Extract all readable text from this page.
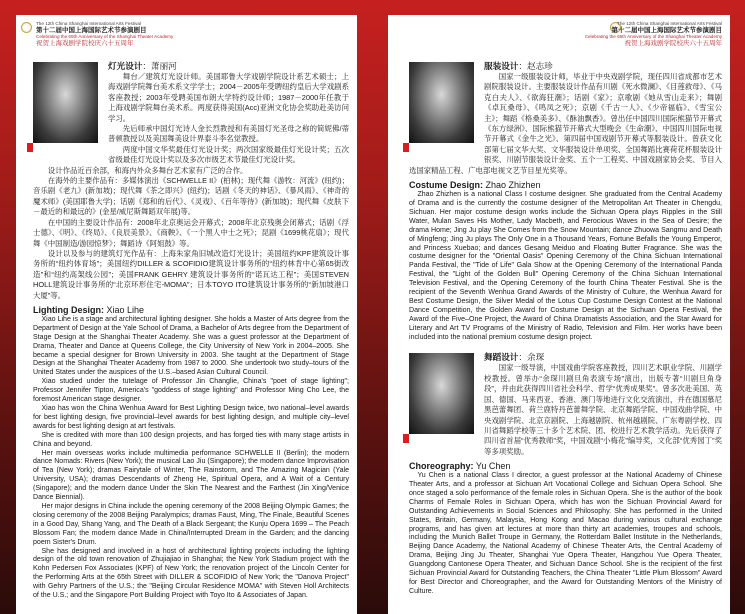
The 12th China Shanghai International Arts Festival
第十二届中国上海国际艺术节参演剧目
Celebrating the 65th Anniversary of the Shanghai Theater Academy
祝贺上海戏剧学院校庆六十五周年
灯光设计：萧丽河

舞台／建筑灯光设计师。美国耶鲁大学戏剧学院设计系艺术硕士；上海戏剧学院舞台美术系文学学士；2004－2005年受聘纽约皇后大学戏剧系客座教授；2003年受聘美国布朗大学特约设计师；1987－2000年任教于上海戏剧学院舞台美术系。两度获得美国(Acc)亚洲文化协会奖助赴美访问学习。

先后师承中国灯光诗人金长烈教授和有美国灯光圣母之称的简妮佛/蒂普顿教授以及美国舞美设计界泰斗李名觉教授。

两度中国文华奖最佳灯光设计奖；两次国家级最佳灯光设计奖；五次省级最佳灯光设计奖以及多次市级艺术节最佳灯光设计奖。

设计作品近百余部，和海内外众多舞台艺术家有广泛的合作。

在海外的主要作品有：多媒体演出《SCHWELLE II》(柏林)；现代舞《游牧：河流》(纽约)；音乐剧《老九》(新加坡)；现代舞《茶之即兴》(纽约)；话剧《冬天的神话》、《暴风雨》、《神奇的魔术师》(美国耶鲁大学)；话剧《郑和的后代》、《灵戏》、《百年等待》(新加坡)；现代舞《皮肤下－最近的和最远的》(金星/威尼斯舞蹈双年展)等。

在中国的主要设计作品有：2008年北京奥运会开幕式；2008年北京残奥会闭幕式；话剧《浮士德》、《明》、《终局》、《良辰美景》、《商鞅》、《一个黑人中士之死》；昆剧《1699桃花扇》；现代舞《中国制造/游园惊梦》；舞蹈诗《阿姐鼓》等。

设计以及参与的建筑灯光作品有：上海朱家角旧城改造灯光设计；美国纽约KPF建筑设计事务所的“纽约体育场”；美国纽约DILLER & SCOFIDIO建筑设计事务所的“纽约林肯中心第65街改造”和“纽约高架线公园”；美国FRANK GEHRY 建筑设计事务所的“诺瓦达工程”；美国STEVEN HOLL建筑设计事务所的“北京环形住宅-MOMA”；日本TOYO ITO建筑设计事务所的“新加坡港口大厦”等。

Lighting Design: Xiao Lihe

Xiao Lihe is a stage and architectural lighting designer. She holds a Master of Arts degree from the Department of Design at the Yale School of Drama, a Bachelor of Arts degree from the Department of Stage Design at the Shanghai Theater Academy. She was a guest professor at the Department of Drama, Theater and Dance at Queens College, the City University of New York in 2004–2005. She became a special designer for Brown University in 2003. She taught at the Department of Stage Design at the Shanghai Theater Academy from 1987 to 2000. She undertook two study–tours of the United States under the auspices of the U.S.–based Asian Cultural Council.

Xiao studied under the tutelage of Professor Jin Changlie, China's "poet of stage lighting"; Professor Jennifer Tipton, America's "goddess of stage lighting" and Professor Ming Cho Lee, the foremost American stage designer.

Xiao has won the China Wenhua Award for Best Lighting Design twice, two national–level awards for best lighting design, five provincial–level awards for best lighting design, and multiple city–level awards for best lighting design at art festivals.

She is credited with more than 100 design projects, and has forged ties with many stage artists in China and beyond.

Her main overseas works include multimedia performance SCHWELLE II (Berlin); the modern dance Nomads: Rivers (New York); the musical Lao Jiu (Singapore); the modern dance Improvisation of Tea (New York); dramas Fairytale of Winter, The Rainstorm, and The Amazing Magician (Yale University, USA); dramas Descendants of Zheng He, Spiritual Opera, and A Wait of a Century (Singapore); and the modern dance Under the Skin The Nearest and the Farthest (Jin Xing/Venice Dance Biennial).

Her major designs in China include the opening ceremony of the 2008 Beijing Olympic Games; the closing ceremony of the 2008 Beijing Paralympics; dramas Faust, Ming, The Finale, Beautiful Scenes in a Good Day, Shang Yang, and The Death of a Black Sergeant; the Kunju Opera 1699 – The Peach Blossom Fan; the modern dance Made in China/Interrupted Dream in the Garden; and the dancing poem Sister's Drum.

She has designed and involved in a host of architectural lighting projects including the lighting design of the old town renovation of Zhujiajiao in Shanghai; the New York Stadium project with the Kohn Pedersen Fox Associates (KPF) of New York; the renovation project of the Lincoln Center for the Performing Arts at the 65th Street with DILLER & SCOFIDIO of New York; the "Danova Project" with Gehry Partners of the U.S.; the "Beijing Circular Residence MOMA" with Steven Holl Architects of the U.S.; and the Singapore Port Building Project with Toyo Ito & Associates of Japan.

The 12th China Shanghai International Arts Festival
第十二届中国上海国际艺术节参演剧目
Celebrating the 65th Anniversary of the Shanghai Theater Academy
祝贺上海戏剧学院校庆六十五周年
服装设计：赵志珍

国家一级服装设计师，毕业于中央戏剧学院，现任四川省成都市艺术剧院服装设计。主要服装设计作品有川剧《死水微澜》、《目莲救母》、《马克白夫人》、《欲海狂潮》；话剧《家》；京歌剧《她从雪山走来》；舞剧《卓瓦桑母》、《鸣凤之死》；京剧《千古一人》、《少帝福临》、《雪宝公主》；舞蹈《格桑美多》、《酥油飘香》。曾出任中国四川国际熊猫节开幕式《东方绿洲》、国际熊猫节开幕式大型晚会《生命潮》、中国四川国际电视节开幕式《金牛之光》、第四届中国戏剧节开幕式等服装设计。曾获文化部第七届文华大奖、文华服装设计单项奖、全国舞蹈比赛荷花杯服装设计银奖、川剧节服装设计金奖、五个一工程奖、中国戏剧家协会奖、节目入选国家精品工程、广电部电视文艺节目星光奖等。

Costume Design: Zhao Zhizhen

Zhao Zhizhen is a national Class I costume designer. She graduated from the Central Academy of Drama and is the currently the costume designer of the Metropolitan Art Theater in Chengdu, Sichuan. Her major costume design works include the Sichuan Opera plays Ripples in the Still Water, Mulan Saves His Mother, Lady Macbeth, and Ferocious Waves in the Sea of Desire; the drama Home; Jing Ju play She Comes from the Snow Mountain; dance Zhuowa Sangmu and Death of Mingfeng; Jing Ju plays The Only One in a Thousand Years, Fortune Befalls the Young Emperor, and Princess Xuebao; and dances Gesang Meiduo and Floating Butter Fragrance. She was the costume designer for the "Oriental Oasis" Opening Ceremony of the China Sichuan International Panda Festival, the "Tide of Life" Gala Show at the Opening Ceremony of the International Panda Festival, the "Light of the Golden Bull" Opening Ceremony of the China Sichuan International Television Festival, and the Opening Ceremony of the fourth China Theater Festival. She is the recipient of the Seventh Wenhua Grand Awards of the Ministry of Culture, the Wenhua Award for Best Costume Design, the Silver Medal of the Lotus Cup Costume Design Contest at the National Dance Competition, the Golden Award for Costume Design at the Sichuan Opera Festival, the Award of the Five–One Project, the Award of China Dramatists Association, and the Star Award for Literary and Art TV Programs of the Ministry of Radio, Television and Film. Her works have been included into the national premium costume design project.

舞蹈设计：余琛

国家一级导演，中国戏曲学院客座教授，四川艺术职业学院、川剧学校教授。曾举办“余琛川剧旦角表演专场”演出，出版专著“川剧旦角身段”，并由此获得四川省社会科学、哲学“优秀成果奖”。曾多次赴美国、英国、德国、马来西亚、香港、澳门等地进行文化交流演出，并在德国慕尼黑芭蕾舞团、荷兰鹿特丹芭蕾舞学院、北京舞蹈学院、中国戏曲学院、中央戏剧学院、北京京剧院、上海越剧院、杭州越剧院、广东粤剧学校、四川省舞蹈学校等三十多个艺术院、团、校进行艺术教学活动。先后获得了四川省首届“优秀教师”奖，中国戏剧“小梅花”编导奖，文化部“优秀园丁”奖等多项奖励。

Choreography: Yu Chen

Yu Chen is a national Class I director, a guest professor at the National Academy of Chinese Theater Arts, and a professor at Sichuan Art Vocational College and Sichuan Opera School. She once staged a solo performance of the female roles in Sichuan Opera. She is the author of the book Charms of Female Roles in Sichuan Opera, which has won the Sichuan Provincial Award for Outstanding Achievements in Social Sciences and Philosophy. She has performed in the United States, Britain, Germany, Malaysia, Hong Kong and Macao during various cultural exchange programs, and has given art lectures at more than thirty art academies, troupes and schools, including the Munich Ballet Troupe in Germany, the Rotterdam Ballet Institute in the Netherlands, Beijing Dance Academy, the National Academy of Chinese Theater Arts, the Central Academy of Drama, Beijing Jing Ju Theater, Shanghai Yue Opera Theater, Hangzhou Yue Opera Theater, Guangdong Cantonese Opera Theater, and Sichuan Dance School. She is the recipient of the first Sichuan Provincial Award for Outstanding Teachers, the China Theater "Little Plum Blossom" Award for Best Director and Choreographer, and the Award for Outstanding Mentors of the Ministry of Culture.
